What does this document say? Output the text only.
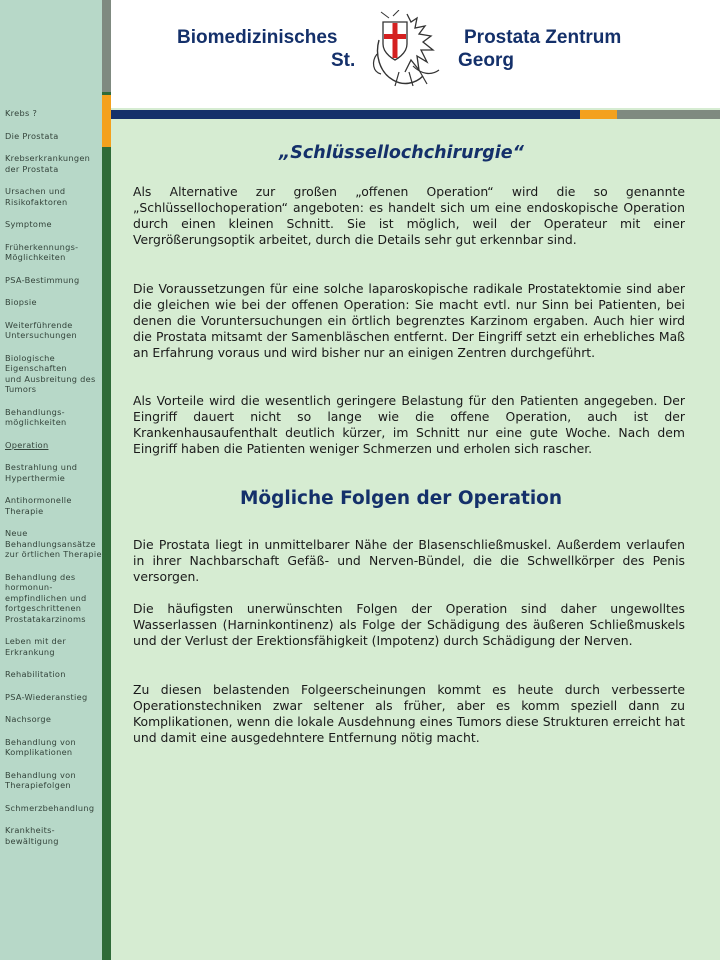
Krebs ?
Die Prostata
Krebserkrankungen
der Prostata
Ursachen und
Risikofaktoren
Symptome
Früherkennungs-
Möglichkeiten
PSA-Bestimmung
Biopsie
Weiterführende
Untersuchungen
Biologische
Eigenschaften
und Ausbreitung des
Tumors
Behandlungs-
möglichkeiten
Operation
Bestrahlung und
Hyperthermie
Antihormonelle
Therapie
Neue
Behandlungsansätze
zur örtlichen Therapie
Behandlung des
hormonun-
empfindlichen und
fortgeschrittenen
Prostatakarzinoms
Leben mit der
Erkrankung
Rehabilitation
PSA-Wiederanstieg
Nachsorge
Behandlung von
Komplikationen
Behandlung von
Therapiefolgen
Schmerzbehandlung
Krankheits-
bewältigung
Biomedizinisches	Prostata Zentrum
St.	Georg
„Schlüssellochchirurgie“

Als Alternative zur großen „offenen Operation“ wird die so genannte „Schlüssellochoperation“ angeboten: es handelt sich um eine endoskopische Operation durch einen kleinen Schnitt. Sie ist möglich, weil der Operateur mit einer Vergrößerungsoptik arbeitet, durch die Details sehr gut erkennbar sind.

Die Voraussetzungen für eine solche laparoskopische radikale Prostatektomie sind aber die gleichen wie bei der offenen Operation: Sie macht evtl. nur Sinn bei Patienten, bei denen die Voruntersuchungen ein örtlich begrenztes Karzinom ergaben. Auch hier wird die Prostata mitsamt der Samenbläschen entfernt. Der Eingriff setzt ein erhebliches Maß an Erfahrung voraus und wird bisher nur an einigen Zentren durchgeführt.

Als Vorteile wird die wesentlich geringere Belastung für den Patienten angegeben. Der Eingriff dauert nicht so lange wie die offene Operation, auch ist der Krankenhausaufenthalt deutlich kürzer, im Schnitt nur eine gute Woche. Nach dem Eingriff haben die Patienten weniger Schmerzen und erholen sich rascher.

Mögliche Folgen der Operation

Die Prostata liegt in unmittelbarer Nähe der Blasenschließmuskel. Außerdem verlaufen in ihrer Nachbarschaft Gefäß- und Nerven-Bündel, die die Schwellkörper des Penis versorgen.

Die häufigsten unerwünschten Folgen der Operation sind daher ungewolltes Wasserlassen (Harninkontinenz) als Folge der Schädigung des äußeren Schließmuskels und der Verlust der Erektionsfähigkeit (Impotenz) durch Schädigung der Nerven.

Zu diesen belastenden Folgeerscheinungen kommt es heute durch verbesserte Operationstechniken zwar seltener als früher, aber es komm speziell dann zu Komplikationen, wenn die lokale Ausdehnung eines Tumors diese Strukturen erreicht hat und damit eine ausgedehntere Entfernung nötig macht.
